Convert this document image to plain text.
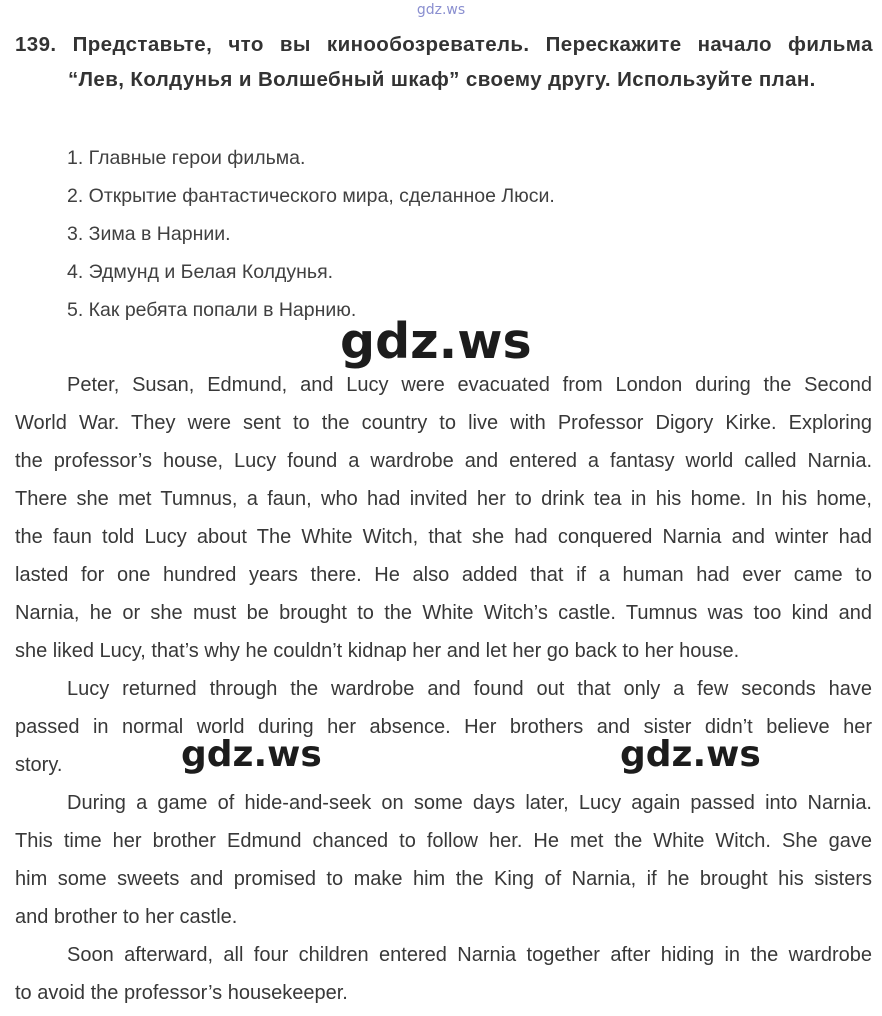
gdz.ws
139. Представьте, что вы кинообозреватель. Перескажите начало фильма
“Лев, Колдунья и Волшебный шкаф” своему другу. Используйте план.
1. Главные герои фильма.
2. Открытие фантастического мира, сделанное Люси.
3. Зима в Нарнии.
4. Эдмунд и Белая Колдунья.
5. Как ребята попали в Нарнию.
Peter, Susan, Edmund, and Lucy were evacuated from London during the Second
World War. They were sent to the country to live with Professor Digory Kirke. Exploring
the professor’s house, Lucy found a wardrobe and entered a fantasy world called Narnia.
There she met Tumnus, a faun, who had invited her to drink tea in his home. In his home,
the faun told Lucy about The White Witch, that she had conquered Narnia and winter had
lasted for one hundred years there. He also added that if a human had ever came to
Narnia, he or she must be brought to the White Witch’s castle. Tumnus was too kind and
she liked Lucy, that’s why he couldn’t kidnap her and let her go back to her house.
Lucy returned through the wardrobe and found out that only a few seconds have
passed in normal world during her absence. Her brothers and sister didn’t believe her
story.
During a game of hide-and-seek on some days later, Lucy again passed into Narnia.
This time her brother Edmund chanced to follow her. He met the White Witch. She gave
him some sweets and promised to make him the King of Narnia, if he brought his sisters
and brother to her castle.
Soon afterward, all four children entered Narnia together after hiding in the wardrobe
to avoid the professor’s housekeeper.
gdz.ws
gdz.ws	gdz.ws
